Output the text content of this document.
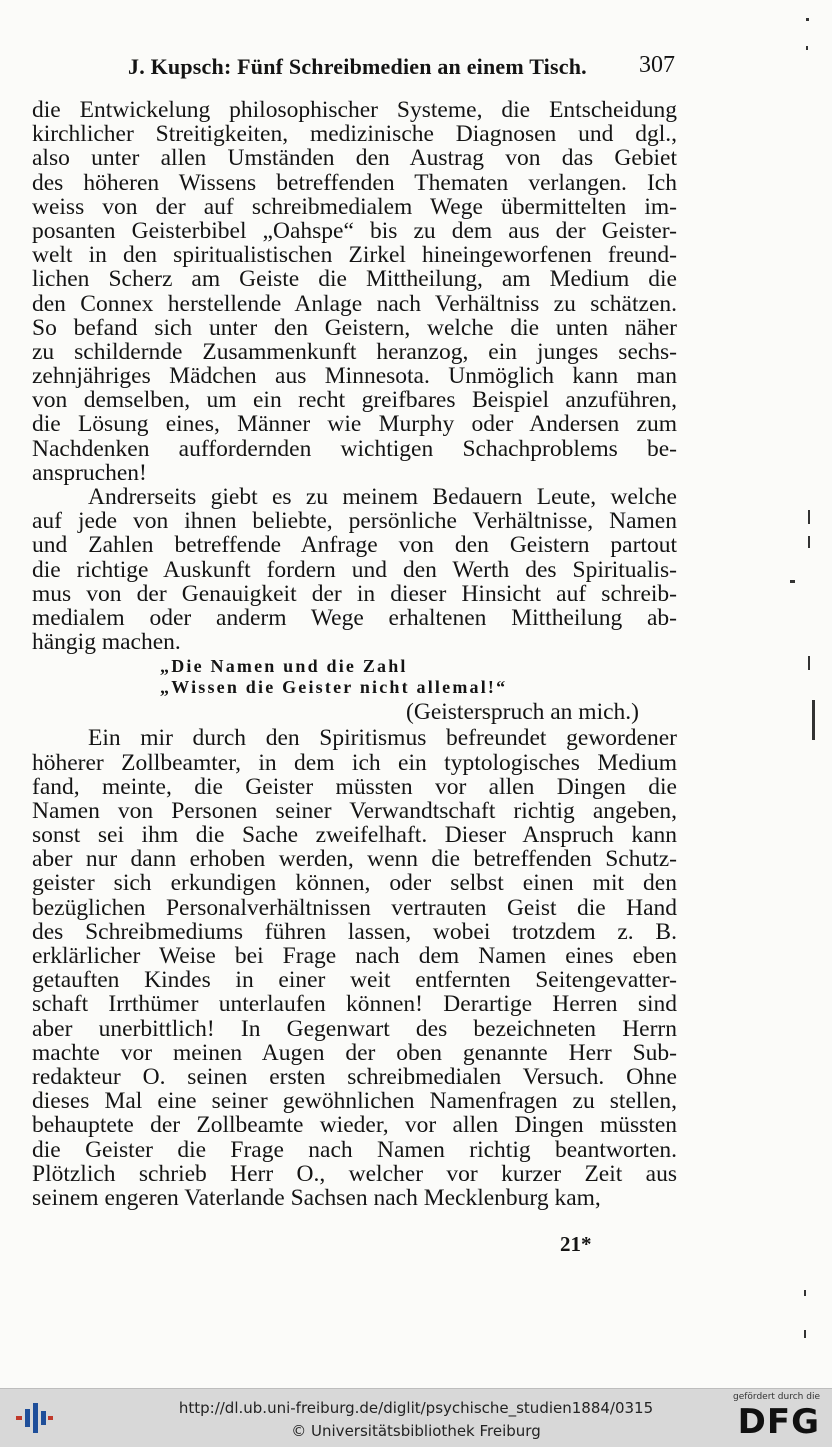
J. Kupsch: Fünf Schreibmedien an einem Tisch. 307
die Entwickelung philosophischer Systeme, die Entscheidung
kirchlicher Streitigkeiten, medizinische Diagnosen und dgl.,
also unter allen Umständen den Austrag von das Gebiet
des höheren Wissens betreffenden Thematen verlangen. Ich
weiss von der auf schreibmedialem Wege übermittelten im-
posanten Geisterbibel „Oahspe“ bis zu dem aus der Geister-
welt in den spiritualistischen Zirkel hineingeworfenen freund-
lichen Scherz am Geiste die Mittheilung, am Medium die
den Connex herstellende Anlage nach Verhältniss zu schätzen.
So befand sich unter den Geistern, welche die unten näher
zu schildernde Zusammenkunft heranzog, ein junges sechs-
zehnjähriges Mädchen aus Minnesota. Unmöglich kann man
von demselben, um ein recht greifbares Beispiel anzuführen,
die Lösung eines, Männer wie Murphy oder Andersen zum
Nachdenken auffordernden wichtigen Schachproblems be-
anspruchen!
Andrerseits giebt es zu meinem Bedauern Leute, welche
auf jede von ihnen beliebte, persönliche Verhältnisse, Namen
und Zahlen betreffende Anfrage von den Geistern partout
die richtige Auskunft fordern und den Werth des Spiritualis-
mus von der Genauigkeit der in dieser Hinsicht auf schreib-
medialem oder anderm Wege erhaltenen Mittheilung ab-
hängig machen.
„Die Namen und die Zahl
„Wissen die Geister nicht allemal!“
(Geisterspruch an mich.)
Ein mir durch den Spiritismus befreundet gewordener
höherer Zollbeamter, in dem ich ein typtologisches Medium
fand, meinte, die Geister müssten vor allen Dingen die
Namen von Personen seiner Verwandtschaft richtig angeben,
sonst sei ihm die Sache zweifelhaft. Dieser Anspruch kann
aber nur dann erhoben werden, wenn die betreffenden Schutz-
geister sich erkundigen können, oder selbst einen mit den
bezüglichen Personalverhältnissen vertrauten Geist die Hand
des Schreibmediums führen lassen, wobei trotzdem z. B.
erklärlicher Weise bei Frage nach dem Namen eines eben
getauften Kindes in einer weit entfernten Seitengevatter-
schaft Irrthümer unterlaufen können! Derartige Herren sind
aber unerbittlich! In Gegenwart des bezeichneten Herrn
machte vor meinen Augen der oben genannte Herr Sub-
redakteur O. seinen ersten schreibmedialen Versuch. Ohne
dieses Mal eine seiner gewöhnlichen Namenfragen zu stellen,
behauptete der Zollbeamte wieder, vor allen Dingen müssten
die Geister die Frage nach Namen richtig beantworten.
Plötzlich schrieb Herr O., welcher vor kurzer Zeit aus
seinem engeren Vaterlande Sachsen nach Mecklenburg kam,
21*
http://dl.ub.uni-freiburg.de/diglit/psychische_studien1884/0315
© Universitätsbibliothek Freiburg
gefördert durch die
DFG
